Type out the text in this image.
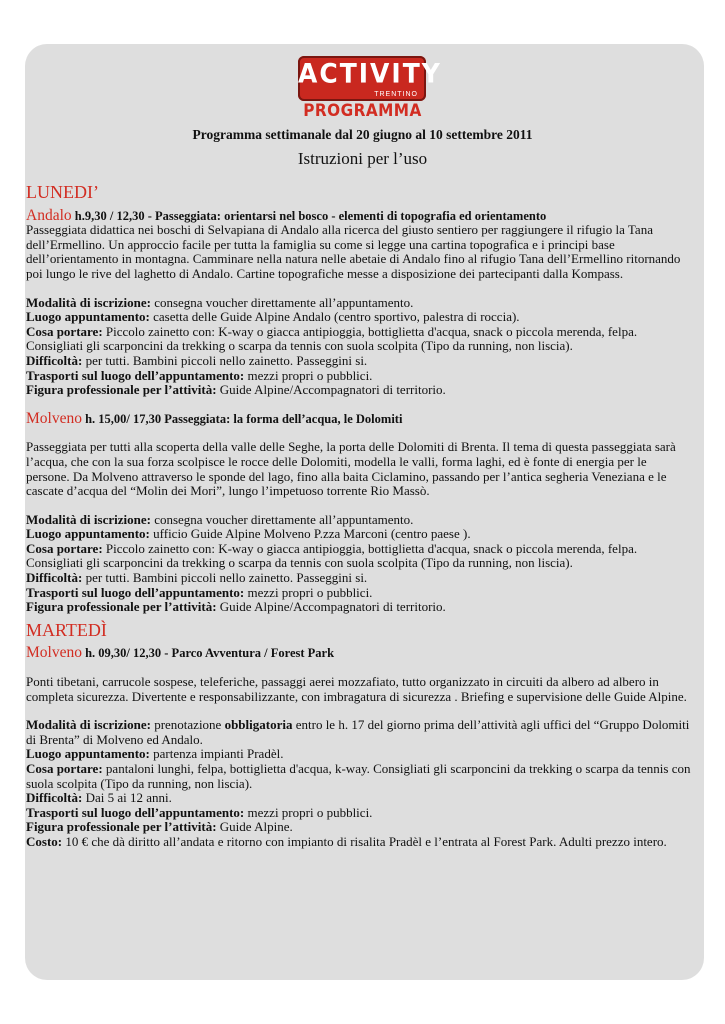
ACTIVITY
TRENTINO
PROGRAMMA
Programma settimanale dal 20 giugno al 10 settembre 2011
Istruzioni per l’uso
LUNEDI’

Andalo h.9,30 / 12,30 - Passeggiata: orientarsi nel bosco - elementi di topografia ed orientamento

Passeggiata didattica nei boschi di Selvapiana di Andalo alla ricerca del giusto sentiero per raggiungere il rifugio la Tana dell’Ermellino. Un approccio facile per tutta la famiglia su come si legge una cartina topografica e i principi base dell’orientamento in montagna. Camminare nella natura nelle abetaie di Andalo fino al rifugio Tana dell’Ermellino ritornando poi lungo le rive del laghetto di Andalo. Cartine topografiche messe a disposizione dei partecipanti dalla Kompass.

Modalità di iscrizione: consegna voucher direttamente all’appuntamento.

Luogo appuntamento: casetta delle Guide Alpine Andalo (centro sportivo, palestra di roccia).

Cosa portare: Piccolo zainetto con: K-way o giacca antipioggia, bottiglietta d'acqua, snack o piccola merenda, felpa. Consigliati gli scarponcini da trekking o scarpa da tennis con suola scolpita (Tipo da running, non liscia).

Difficoltà: per tutti. Bambini piccoli nello zainetto. Passeggini si.

Trasporti sul luogo dell’appuntamento: mezzi propri o pubblici.

Figura professionale per l’attività: Guide Alpine/Accompagnatori di territorio.

Molveno h. 15,00/ 17,30 Passeggiata: la forma dell’acqua, le Dolomiti

Passeggiata per tutti alla scoperta della valle delle Seghe, la porta delle Dolomiti di Brenta. Il tema di questa passeggiata sarà l’acqua, che con la sua forza scolpisce le rocce delle Dolomiti, modella le valli, forma laghi, ed è fonte di energia per le persone. Da Molveno attraverso le sponde del lago, fino alla baita Ciclamino, passando per l’antica segheria Veneziana e le cascate d’acqua del “Molin dei Mori”, lungo l’impetuoso torrente Rio Massò.

Modalità di iscrizione: consegna voucher direttamente all’appuntamento.

Luogo appuntamento: ufficio Guide Alpine Molveno P.zza Marconi (centro paese ).

Cosa portare: Piccolo zainetto con: K-way o giacca antipioggia, bottiglietta d'acqua, snack o piccola merenda, felpa. Consigliati gli scarponcini da trekking o scarpa da tennis con suola scolpita (Tipo da running, non liscia).

Difficoltà: per tutti. Bambini piccoli nello zainetto. Passeggini si.

Trasporti sul luogo dell’appuntamento: mezzi propri o pubblici.

Figura professionale per l’attività: Guide Alpine/Accompagnatori di territorio.

MARTEDÌ

Molveno h. 09,30/ 12,30 - Parco Avventura / Forest Park

Ponti tibetani, carrucole sospese, teleferiche, passaggi aerei mozzafiato, tutto organizzato in circuiti da albero ad albero in completa sicurezza. Divertente e responsabilizzante, con imbragatura di sicurezza . Briefing e supervisione delle Guide Alpine.

Modalità di iscrizione: prenotazione obbligatoria entro le h. 17 del giorno prima dell’attività agli uffici del “Gruppo Dolomiti di Brenta” di Molveno ed Andalo.

Luogo appuntamento: partenza impianti Pradèl.

Cosa portare: pantaloni lunghi, felpa, bottiglietta d'acqua, k-way. Consigliati gli scarponcini da trekking o scarpa da tennis con suola scolpita (Tipo da running, non liscia).

Difficoltà: Dai 5 ai 12 anni.

Trasporti sul luogo dell’appuntamento: mezzi propri o pubblici.

Figura professionale per l’attività: Guide Alpine.

Costo: 10 € che dà diritto all’andata e ritorno con impianto di risalita Pradèl e l’entrata al Forest Park. Adulti prezzo intero.
